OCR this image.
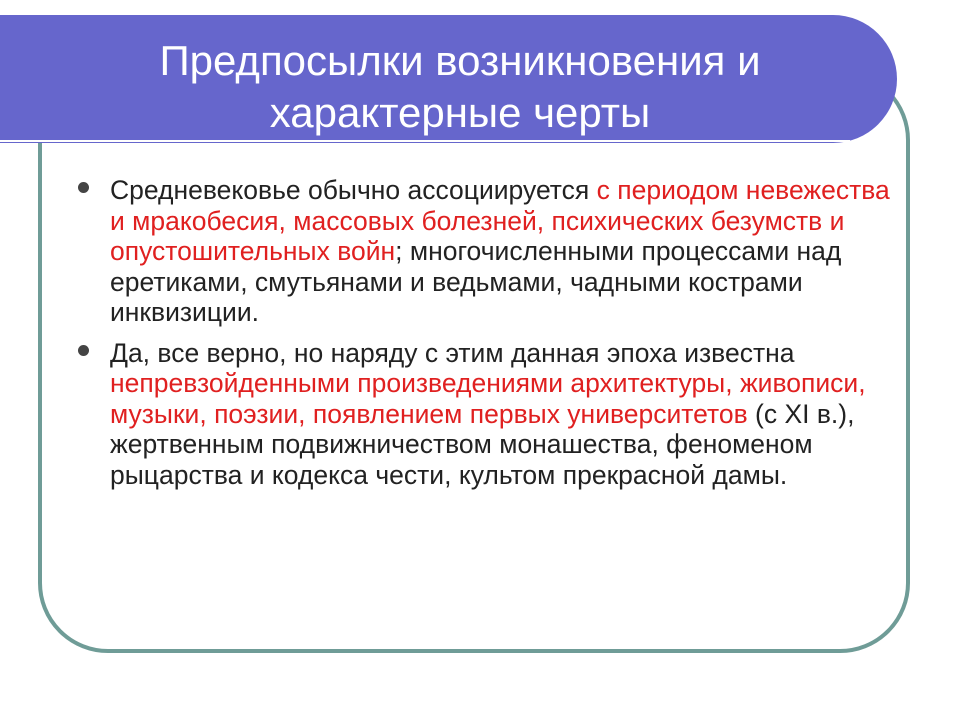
Предпосылки возникновения и
характерные черты
Средневековье обычно ассоциируется с периодом невежества и мракобесия, массовых болезней, психических безумств и опустошительных войн; многочисленными процессами над еретиками, смутьянами и ведьмами, чадными кострами инквизиции.
Да, все верно, но наряду с этим данная эпоха известна непревзойденными произведениями архитектуры, живописи, музыки, поэзии, появлением первых университетов (с XI в.), жертвенным подвижничеством монашества, феноменом рыцарства и кодекса чести, культом прекрасной дамы.
